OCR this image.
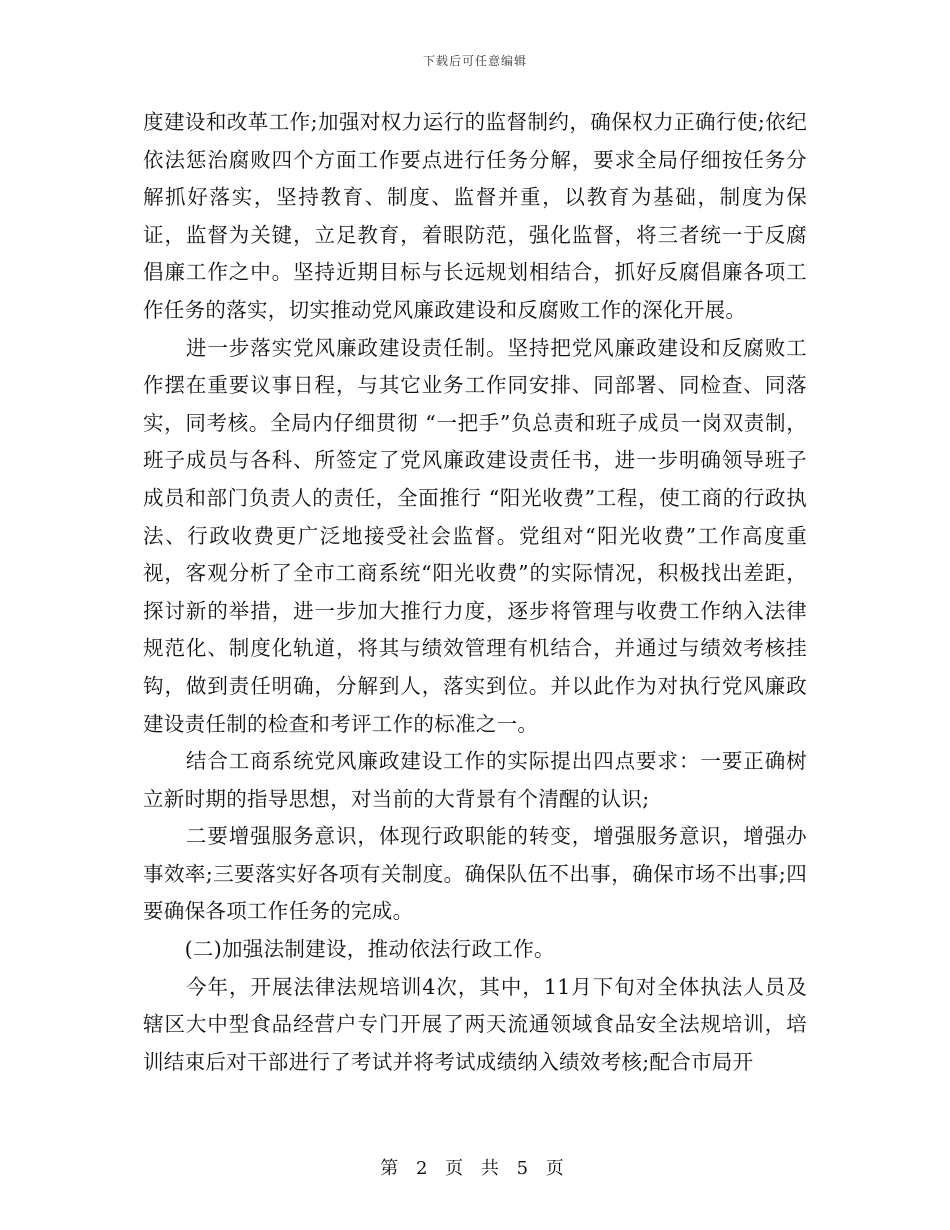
下载后可任意编辑

度建设和改革工作;加强对权力运行的监督制约，确保权力正确行使;依纪依法惩治腐败四个方面工作要点进行任务分解，要求全局仔细按任务分解抓好落实，坚持教育、制度、监督并重，以教育为基础，制度为保证，监督为关键，立足教育，着眼防范，强化监督，将三者统一于反腐倡廉工作之中。坚持近期目标与长远规划相结合，抓好反腐倡廉各项工作任务的落实，切实推动党风廉政建设和反腐败工作的深化开展。

　　进一步落实党风廉政建设责任制。坚持把党风廉政建设和反腐败工作摆在重要议事日程，与其它业务工作同安排、同部署、同检查、同落实，同考核。全局内仔细贯彻 “一把手”负总责和班子成员一岗双责制，班子成员与各科、所签定了党风廉政建设责任书，进一步明确领导班子成员和部门负责人的责任，全面推行 “阳光收费”工程，使工商的行政执法、行政收费更广泛地接受社会监督。党组对“阳光收费”工作高度重视，客观分析了全市工商系统“阳光收费”的实际情况，积极找出差距，探讨新的举措，进一步加大推行力度，逐步将管理与收费工作纳入法律规范化、制度化轨道，将其与绩效管理有机结合，并通过与绩效考核挂钩，做到责任明确，分解到人，落实到位。并以此作为对执行党风廉政建设责任制的检查和考评工作的标准之一。

　　结合工商系统党风廉政建设工作的实际提出四点要求：一要正确树立新时期的指导思想，对当前的大背景有个清醒的认识;

　　二要增强服务意识，体现行政职能的转变，增强服务意识，增强办事效率;三要落实好各项有关制度。确保队伍不出事，确保市场不出事;四要确保各项工作任务的完成。

　　(二)加强法制建设，推动依法行政工作。

　　今年，开展法律法规培训4次，其中，11月下旬对全体执法人员及辖区大中型食品经营户专门开展了两天流通领域食品安全法规培训，培训结束后对干部进行了考试并将考试成绩纳入绩效考核;配合市局开

第 2 页 共 5 页
